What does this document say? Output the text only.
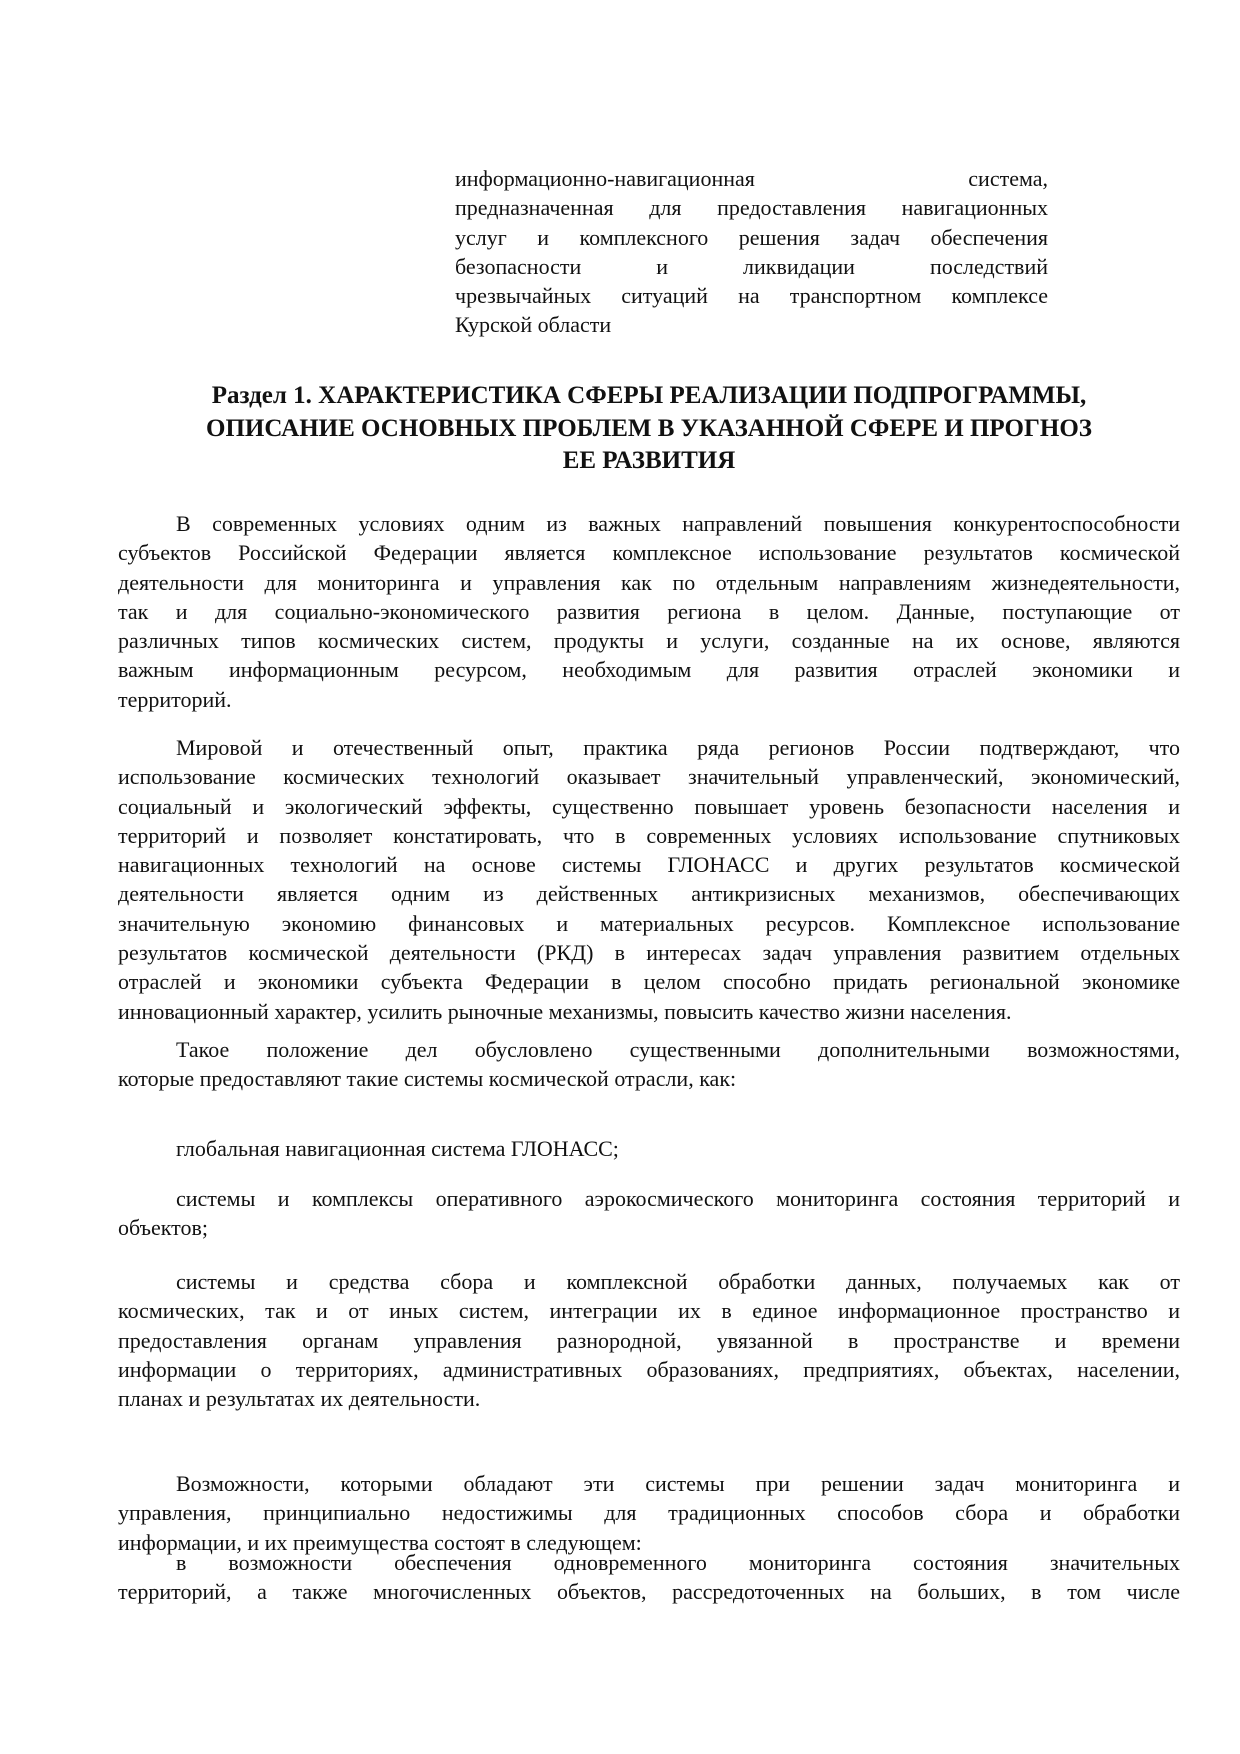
информационно-навигационная система,
предназначенная для предоставления навигационных
услуг и комплексного решения задач обеспечения
безопасности и ликвидации последствий
чрезвычайных ситуаций на транспортном комплексе
Курской области
Раздел 1. ХАРАКТЕРИСТИКА СФЕРЫ РЕАЛИЗАЦИИ ПОДПРОГРАММЫ,
ОПИСАНИЕ ОСНОВНЫХ ПРОБЛЕМ В УКАЗАННОЙ СФЕРЕ И ПРОГНОЗ
ЕЕ РАЗВИТИЯ
В современных условиях одним из важных направлений повышения конкурентоспособности
субъектов Российской Федерации является комплексное использование результатов космической
деятельности для мониторинга и управления как по отдельным направлениям жизнедеятельности,
так и для социально-экономического развития региона в целом. Данные, поступающие от
различных типов космических систем, продукты и услуги, созданные на их основе, являются
важным информационным ресурсом, необходимым для развития отраслей экономики и
территорий.
Мировой и отечественный опыт, практика ряда регионов России подтверждают, что
использование космических технологий оказывает значительный управленческий, экономический,
социальный и экологический эффекты, существенно повышает уровень безопасности населения и
территорий и позволяет констатировать, что в современных условиях использование спутниковых
навигационных технологий на основе системы ГЛОНАСС и других результатов космической
деятельности является одним из действенных антикризисных механизмов, обеспечивающих
значительную экономию финансовых и материальных ресурсов. Комплексное использование
результатов космической деятельности (РКД) в интересах задач управления развитием отдельных
отраслей и экономики субъекта Федерации в целом способно придать региональной экономике
инновационный характер, усилить рыночные механизмы, повысить качество жизни населения.
Такое положение дел обусловлено существенными дополнительными возможностями,
которые предоставляют такие системы космической отрасли, как:
глобальная навигационная система ГЛОНАСС;
системы и комплексы оперативного аэрокосмического мониторинга состояния территорий и
объектов;
системы и средства сбора и комплексной обработки данных, получаемых как от
космических, так и от иных систем, интеграции их в единое информационное пространство и
предоставления органам управления разнородной, увязанной в пространстве и времени
информации о территориях, административных образованиях, предприятиях, объектах, населении,
планах и результатах их деятельности.
Возможности, которыми обладают эти системы при решении задач мониторинга и
управления, принципиально недостижимы для традиционных способов сбора и обработки
информации, и их преимущества состоят в следующем:
в возможности обеспечения одновременного мониторинга состояния значительных
территорий, а также многочисленных объектов, рассредоточенных на больших, в том числе
